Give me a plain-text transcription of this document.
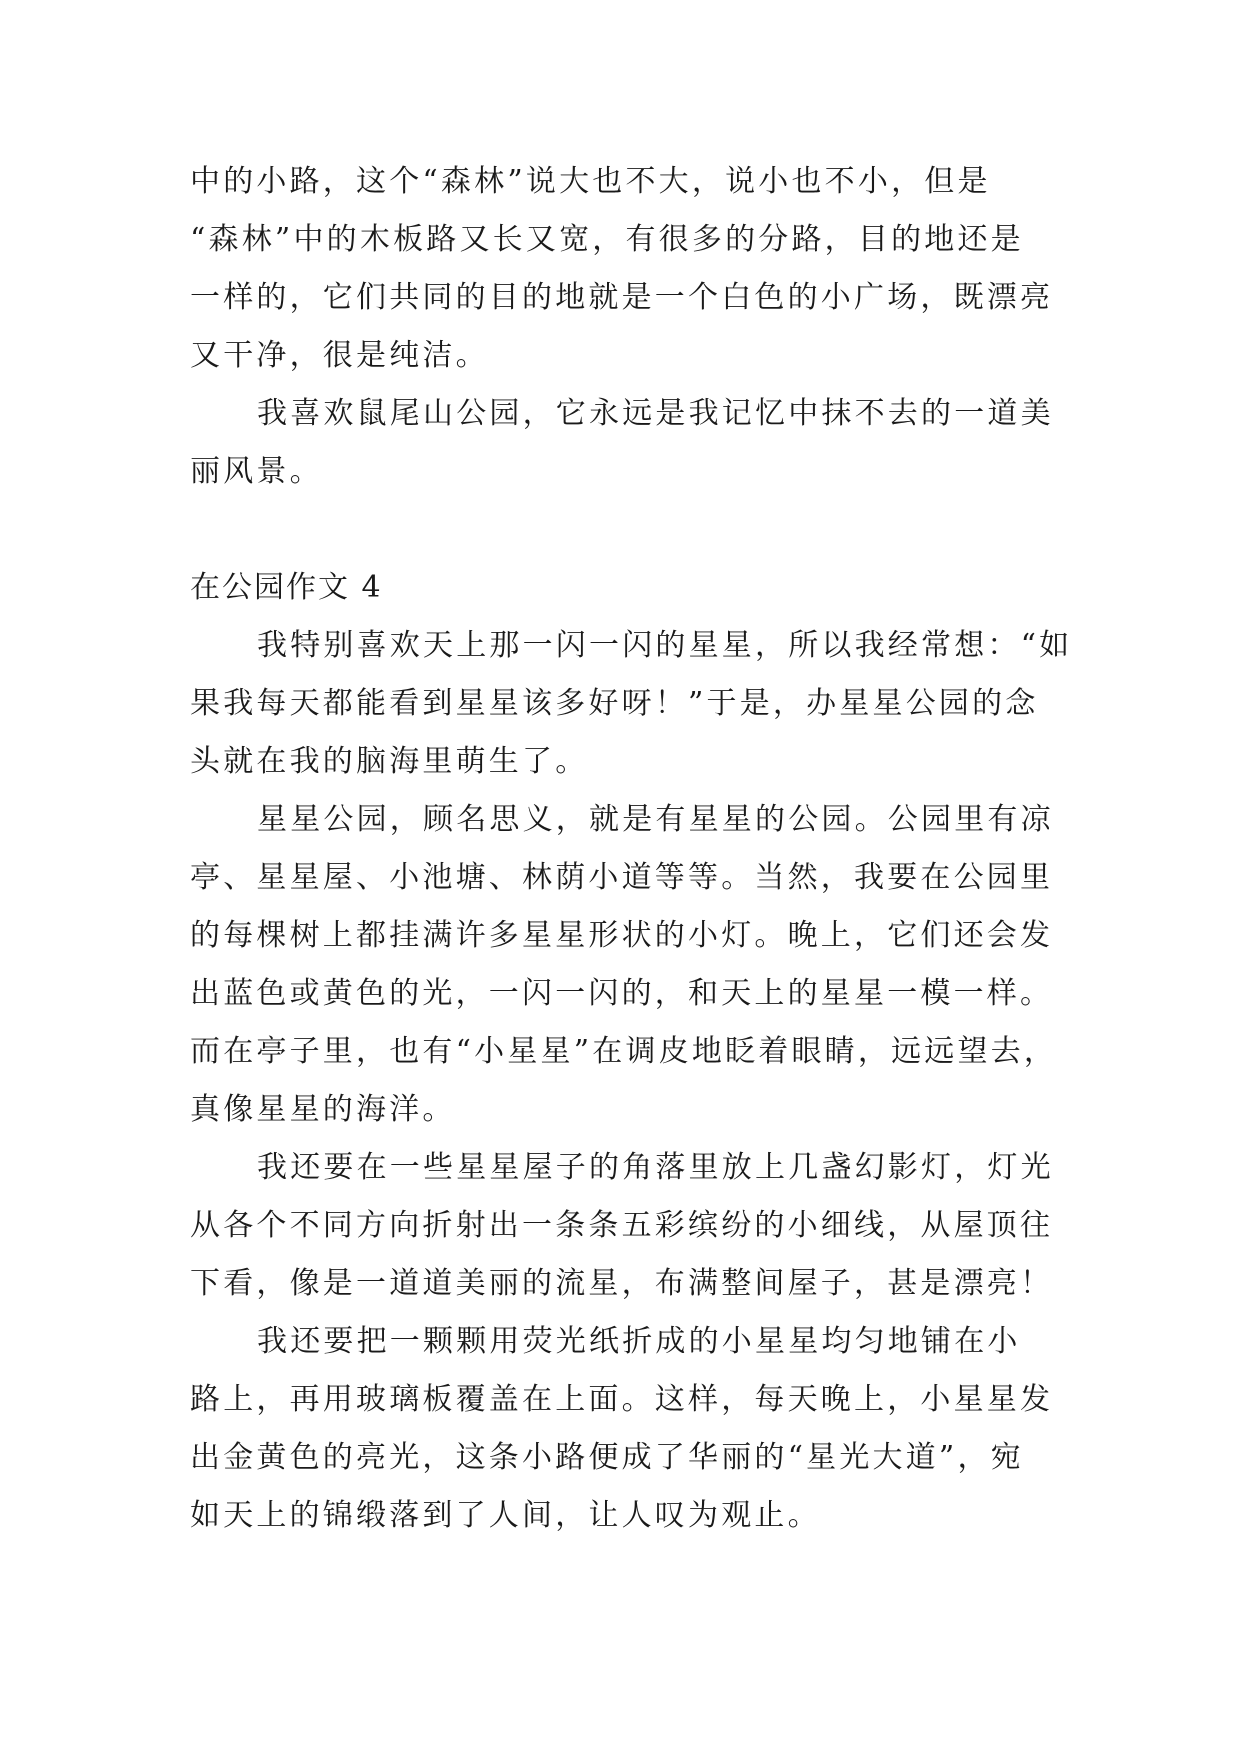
中的小路，这个“森林”说大也不大，说小也不小，但是
“森林”中的木板路又长又宽，有很多的分路，目的地还是
一样的，它们共同的目的地就是一个白色的小广场，既漂亮
又干净，很是纯洁。
我喜欢鼠尾山公园，它永远是我记忆中抹不去的一道美
丽风景。
在公园作文 4
我特别喜欢天上那一闪一闪的星星，所以我经常想：“如
果我每天都能看到星星该多好呀！”于是，办星星公园的念
头就在我的脑海里萌生了。
星星公园，顾名思义，就是有星星的公园。公园里有凉
亭、星星屋、小池塘、林荫小道等等。当然，我要在公园里
的每棵树上都挂满许多星星形状的小灯。晚上，它们还会发
出蓝色或黄色的光，一闪一闪的，和天上的星星一模一样。
而在亭子里，也有“小星星”在调皮地眨着眼睛，远远望去，
真像星星的海洋。
我还要在一些星星屋子的角落里放上几盏幻影灯，灯光
从各个不同方向折射出一条条五彩缤纷的小细线，从屋顶往
下看，像是一道道美丽的流星，布满整间屋子，甚是漂亮！
我还要把一颗颗用荧光纸折成的小星星均匀地铺在小
路上，再用玻璃板覆盖在上面。这样，每天晚上，小星星发
出金黄色的亮光，这条小路便成了华丽的“星光大道”，宛
如天上的锦缎落到了人间，让人叹为观止。
